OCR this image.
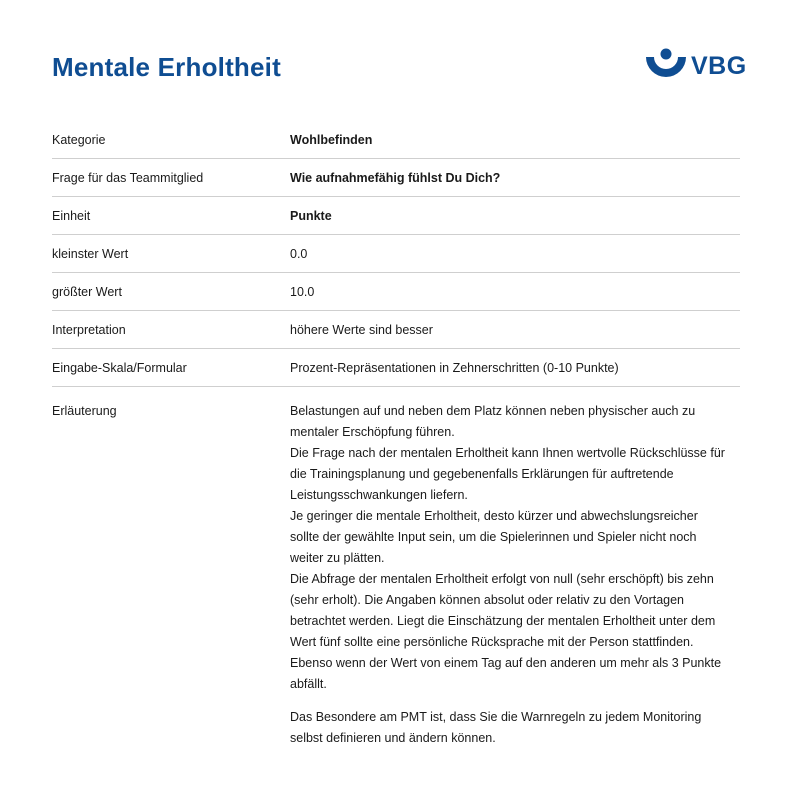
Mentale Erholtheit	VBG
Kategorie	Wohlbefinden
Frage für das Teammitglied	Wie aufnahmefähig fühlst Du Dich?
Einheit	Punkte
kleinster Wert	0.0
größter Wert	10.0
Interpretation	höhere Werte sind besser
Eingabe-Skala/Formular	Prozent-Repräsentationen in Zehnerschritten (0-10 Punkte)
Erläuterung	Belastungen auf und neben dem Platz können neben physischer auch zu
mentaler Erschöpfung führen.
Die Frage nach der mentalen Erholtheit kann Ihnen wertvolle Rückschlüsse für
die Trainingsplanung und gegebenenfalls Erklärungen für auftretende
Leistungsschwankungen liefern.
Je geringer die mentale Erholtheit, desto kürzer und abwechslungsreicher
sollte der gewählte Input sein, um die Spielerinnen und Spieler nicht noch
weiter zu plätten.
Die Abfrage der mentalen Erholtheit erfolgt von null (sehr erschöpft) bis zehn
(sehr erholt). Die Angaben können absolut oder relativ zu den Vortagen
betrachtet werden. Liegt die Einschätzung der mentalen Erholtheit unter dem
Wert fünf sollte eine persönliche Rücksprache mit der Person stattfinden.
Ebenso wenn der Wert von einem Tag auf den anderen um mehr als 3 Punkte
abfällt.
Das Besondere am PMT ist, dass Sie die Warnregeln zu jedem Monitoring
selbst definieren und ändern können.
